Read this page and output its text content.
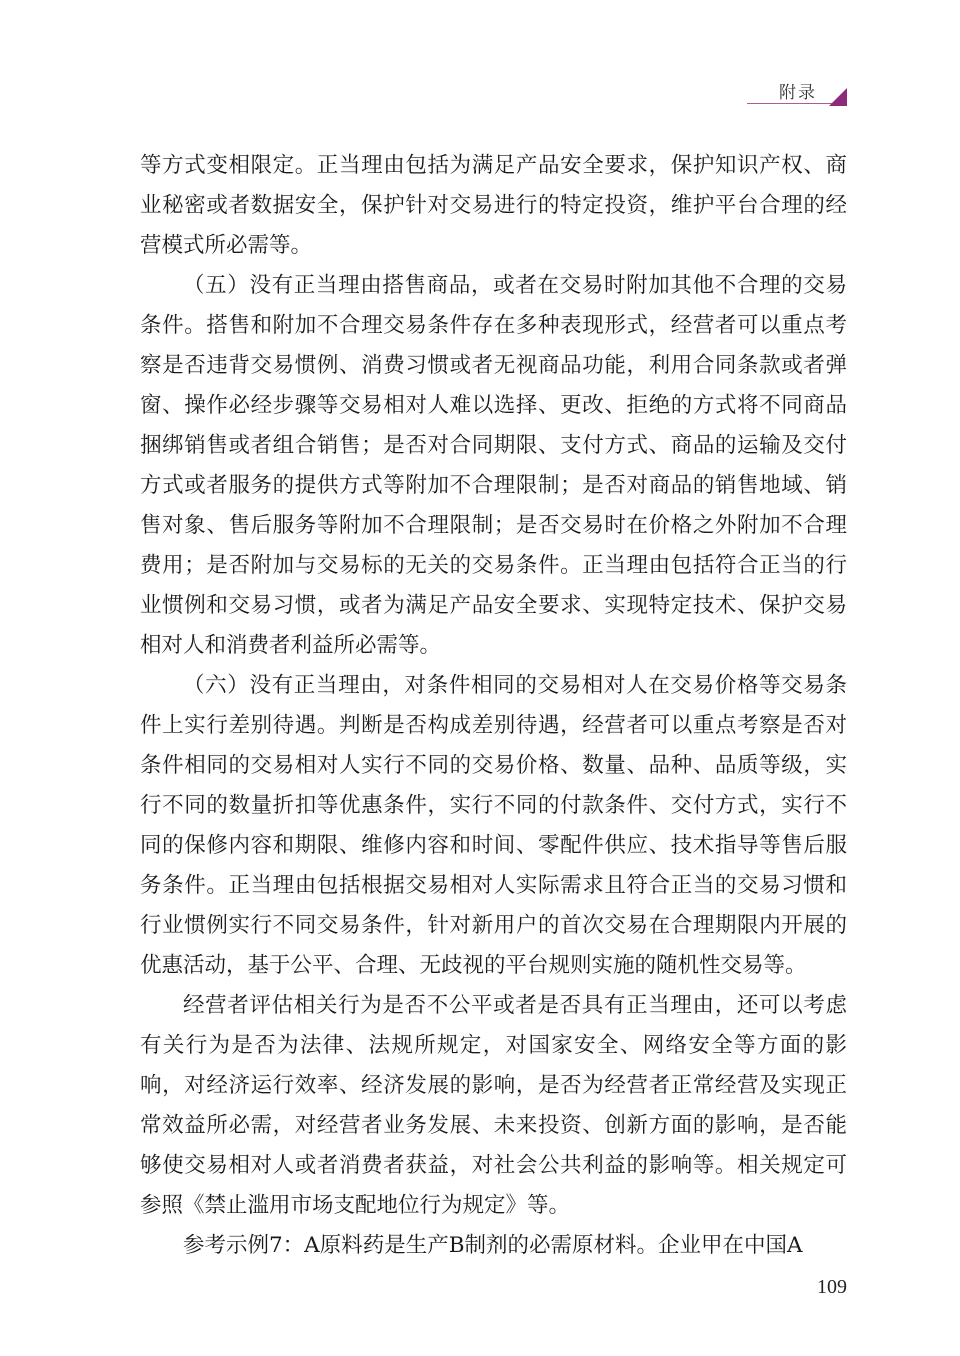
附录

等方式变相限定。正当理由包括为满足产品安全要求，保护知识产权、商业秘密或者数据安全，保护针对交易进行的特定投资，维护平台合理的经营模式所必需等。

（五）没有正当理由搭售商品，或者在交易时附加其他不合理的交易条件。搭售和附加不合理交易条件存在多种表现形式，经营者可以重点考察是否违背交易惯例、消费习惯或者无视商品功能，利用合同条款或者弹窗、操作必经步骤等交易相对人难以选择、更改、拒绝的方式将不同商品捆绑销售或者组合销售；是否对合同期限、支付方式、商品的运输及交付方式或者服务的提供方式等附加不合理限制；是否对商品的销售地域、销售对象、售后服务等附加不合理限制；是否交易时在价格之外附加不合理费用；是否附加与交易标的无关的交易条件。正当理由包括符合正当的行业惯例和交易习惯，或者为满足产品安全要求、实现特定技术、保护交易相对人和消费者利益所必需等。

（六）没有正当理由，对条件相同的交易相对人在交易价格等交易条件上实行差别待遇。判断是否构成差别待遇，经营者可以重点考察是否对条件相同的交易相对人实行不同的交易价格、数量、品种、品质等级，实行不同的数量折扣等优惠条件，实行不同的付款条件、交付方式，实行不同的保修内容和期限、维修内容和时间、零配件供应、技术指导等售后服务条件。正当理由包括根据交易相对人实际需求且符合正当的交易习惯和行业惯例实行不同交易条件，针对新用户的首次交易在合理期限内开展的优惠活动，基于公平、合理、无歧视的平台规则实施的随机性交易等。

经营者评估相关行为是否不公平或者是否具有正当理由，还可以考虑有关行为是否为法律、法规所规定，对国家安全、网络安全等方面的影响，对经济运行效率、经济发展的影响，是否为经营者正常经营及实现正常效益所必需，对经营者业务发展、未来投资、创新方面的影响，是否能够使交易相对人或者消费者获益，对社会公共利益的影响等。相关规定可参照《禁止滥用市场支配地位行为规定》等。

参考示例7：A原料药是生产B制剂的必需原材料。企业甲在中国A

109
